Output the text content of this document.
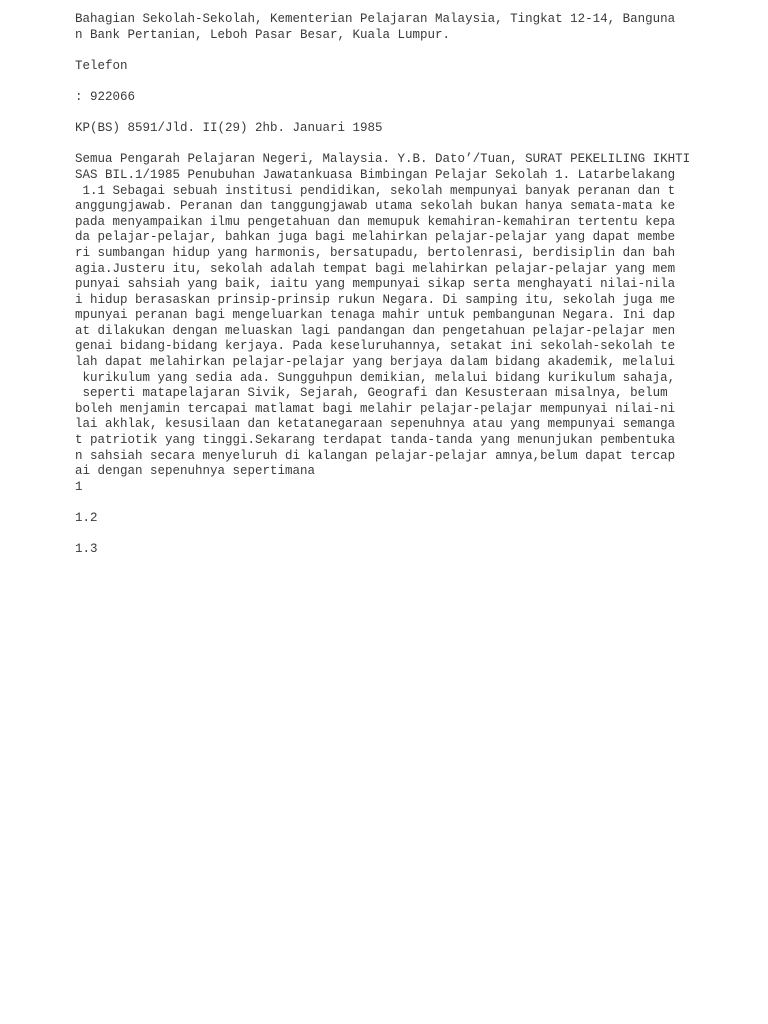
Bahagian Sekolah-Sekolah, Kementerian Pelajaran Malaysia, Tingkat 12-14, Banguna
n Bank Pertanian, Leboh Pasar Besar, Kuala Lumpur.
Telefon
: 922066
KP(BS) 8591/Jld. II(29) 2hb. Januari 1985
Semua Pengarah Pelajaran Negeri, Malaysia. Y.B. Dato’/Tuan, SURAT PEKELILING IKHTI
SAS BIL.1/1985 Penubuhan Jawatankuasa Bimbingan Pelajar Sekolah 1. Latarbelakang
1.1 Sebagai sebuah institusi pendidikan, sekolah mempunyai banyak peranan dan t
anggungjawab. Peranan dan tanggungjawab utama sekolah bukan hanya semata-mata ke
pada menyampaikan ilmu pengetahuan dan memupuk kemahiran-kemahiran tertentu kepa
da pelajar-pelajar, bahkan juga bagi melahirkan pelajar-pelajar yang dapat membe
ri sumbangan hidup yang harmonis, bersatupadu, bertolenrasi, berdisiplin dan bah
agia.Justeru itu, sekolah adalah tempat bagi melahirkan pelajar-pelajar yang mem
punyai sahsiah yang baik, iaitu yang mempunyai sikap serta menghayati nilai-nila
i hidup berasaskan prinsip-prinsip rukun Negara. Di samping itu, sekolah juga me
mpunyai peranan bagi mengeluarkan tenaga mahir untuk pembangunan Negara. Ini dap
at dilakukan dengan meluaskan lagi pandangan dan pengetahuan pelajar-pelajar men
genai bidang-bidang kerjaya. Pada keseluruhannya, setakat ini sekolah-sekolah te
lah dapat melahirkan pelajar-pelajar yang berjaya dalam bidang akademik, melalui
kurikulum yang sedia ada. Sungguhpun demikian, melalui bidang kurikulum sahaja,
seperti matapelajaran Sivik, Sejarah, Geografi dan Kesusteraan misalnya, belum
boleh menjamin tercapai matlamat bagi melahir pelajar-pelajar mempunyai nilai-ni
lai akhlak, kesusilaan dan ketatanegaraan sepenuhnya atau yang mempunyai semanga
t patriotik yang tinggi.Sekarang terdapat tanda-tanda yang menunjukan pembentuka
n sahsiah secara menyeluruh di kalangan pelajar-pelajar amnya,belum dapat tercap
ai dengan sepenuhnya sepertimana
1
1.2
1.3
